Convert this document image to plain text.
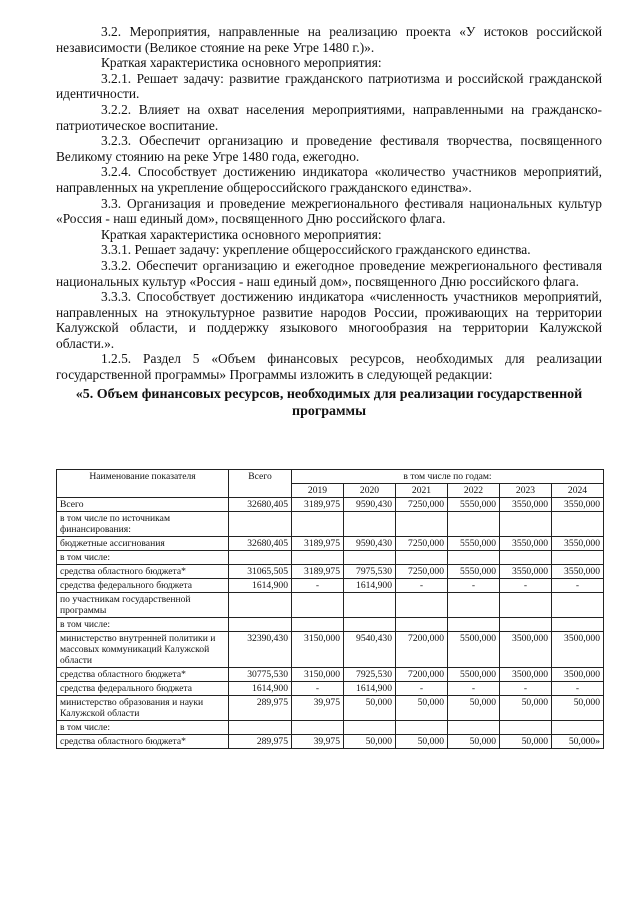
3.2. Мероприятия, направленные на реализацию проекта «У истоков российской независимости (Великое стояние на реке Угре 1480 г.)».

Краткая характеристика основного мероприятия:

3.2.1. Решает задачу: развитие гражданского патриотизма и российской гражданской идентичности.

3.2.2. Влияет на охват населения мероприятиями, направленными на гражданско-патриотическое воспитание.

3.2.3. Обеспечит организацию и проведение фестиваля творчества, посвященного Великому стоянию на реке Угре 1480 года, ежегодно.

3.2.4. Способствует достижению индикатора «количество участников мероприятий, направленных на укрепление общероссийского гражданского единства».

3.3. Организация и проведение межрегионального фестиваля национальных культур «Россия - наш единый дом», посвященного Дню российского флага.

Краткая характеристика основного мероприятия:

3.3.1. Решает задачу: укрепление общероссийского гражданского единства.

3.3.2. Обеспечит организацию и ежегодное проведение межрегионального фестиваля национальных культур «Россия - наш единый дом», посвященного Дню российского флага.

3.3.3. Способствует достижению индикатора «численность участников мероприятий, направленных на этнокультурное развитие народов России, проживающих на территории Калужской области, и поддержку языкового многообразия на территории Калужской области.».

1.2.5. Раздел 5 «Объем финансовых ресурсов, необходимых для реализации государственной программы» Программы изложить в следующей редакции:

«5. Объем финансовых ресурсов, необходимых для реализации государственной программы
Наименование показателя	Всего	в том числе по годам:					
		2019	2020	2021	2022	2023	2024
Всего	32680,405	3189,975	9590,430	7250,000	5550,000	3550,000	3550,000
в том числе по источникам финансирования:							
бюджетные ассигнования	32680,405	3189,975	9590,430	7250,000	5550,000	3550,000	3550,000
в том числе:							
средства областного бюджета*	31065,505	3189,975	7975,530	7250,000	5550,000	3550,000	3550,000
средства федерального бюджета	1614,900	-	1614,900	-	-	-	-
по участникам государственной программы							
в том числе:							
министерство внутренней политики и массовых коммуникаций Калужской области	32390,430	3150,000	9540,430	7200,000	5500,000	3500,000	3500,000
средства областного бюджета*	30775,530	3150,000	7925,530	7200,000	5500,000	3500,000	3500,000
средства федерального бюджета	1614,900	-	1614,900	-	-	-	-
министерство образования и науки Калужской области	289,975	39,975	50,000	50,000	50,000	50,000	50,000
в том числе:							
средства областного бюджета*	289,975	39,975	50,000	50,000	50,000	50,000	50,000»
